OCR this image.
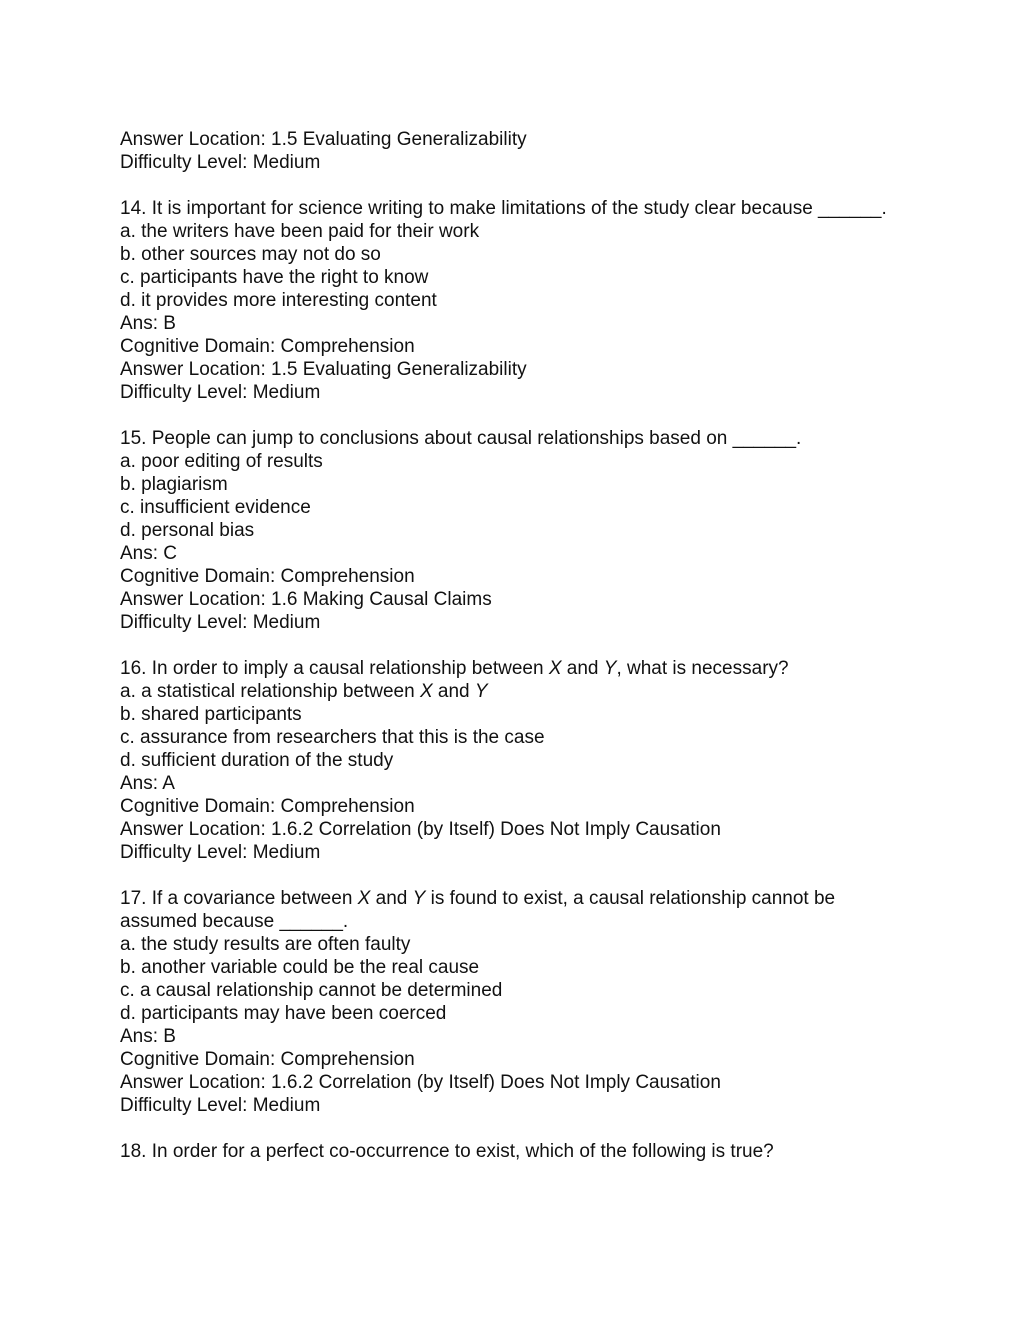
Answer Location: 1.5 Evaluating Generalizability
Difficulty Level: Medium
14. It is important for science writing to make limitations of the study clear because ______.
a. the writers have been paid for their work
b. other sources may not do so
c. participants have the right to know
d. it provides more interesting content
Ans: B
Cognitive Domain: Comprehension
Answer Location: 1.5 Evaluating Generalizability
Difficulty Level: Medium
15. People can jump to conclusions about causal relationships based on ______.
a. poor editing of results
b. plagiarism
c. insufficient evidence
d. personal bias
Ans: C
Cognitive Domain: Comprehension
Answer Location: 1.6 Making Causal Claims
Difficulty Level: Medium
16. In order to imply a causal relationship between X and Y, what is necessary?
a. a statistical relationship between X and Y
b. shared participants
c. assurance from researchers that this is the case
d. sufficient duration of the study
Ans: A
Cognitive Domain: Comprehension
Answer Location: 1.6.2 Correlation (by Itself) Does Not Imply Causation
Difficulty Level: Medium
17. If a covariance between X and Y is found to exist, a causal relationship cannot be assumed because ______.
a. the study results are often faulty
b. another variable could be the real cause
c. a causal relationship cannot be determined
d. participants may have been coerced
Ans: B
Cognitive Domain: Comprehension
Answer Location: 1.6.2 Correlation (by Itself) Does Not Imply Causation
Difficulty Level: Medium
18. In order for a perfect co-occurrence to exist, which of the following is true?
